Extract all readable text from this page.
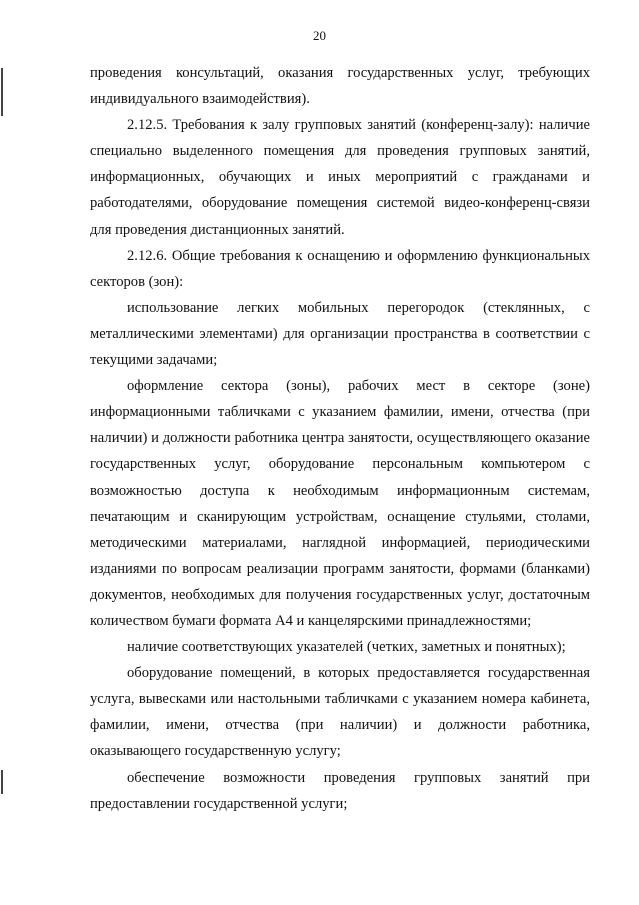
20

проведения консультаций, оказания государственных услуг, требующих индивидуального взаимодействия).

2.12.5. Требования к залу групповых занятий (конференц-залу): наличие специально выделенного помещения для проведения групповых занятий, информационных, обучающих и иных мероприятий с гражданами и работодателями, оборудование помещения системой видео-конференц-связи для проведения дистанционных занятий.

2.12.6. Общие требования к оснащению и оформлению функциональных секторов (зон):

использование легких мобильных перегородок (стеклянных, с металлическими элементами) для организации пространства в соответствии с текущими задачами;

оформление сектора (зоны), рабочих мест в секторе (зоне) информационными табличками с указанием фамилии, имени, отчества (при наличии) и должности работника центра занятости, осуществляющего оказание государственных услуг, оборудование персональным компьютером с возможностью доступа к необходимым информационным системам, печатающим и сканирующим устройствам, оснащение стульями, столами, методическими материалами, наглядной информацией, периодическими изданиями по вопросам реализации программ занятости, формами (бланками) документов, необходимых для получения государственных услуг, достаточным количеством бумаги формата А4 и канцелярскими принадлежностями;

наличие соответствующих указателей (четких, заметных и понятных);

оборудование помещений, в которых предоставляется государственная услуга, вывесками или настольными табличками с указанием номера кабинета, фамилии, имени, отчества (при наличии) и должности работника, оказывающего государственную услугу;

обеспечение возможности проведения групповых занятий при предоставлении государственной услуги;
